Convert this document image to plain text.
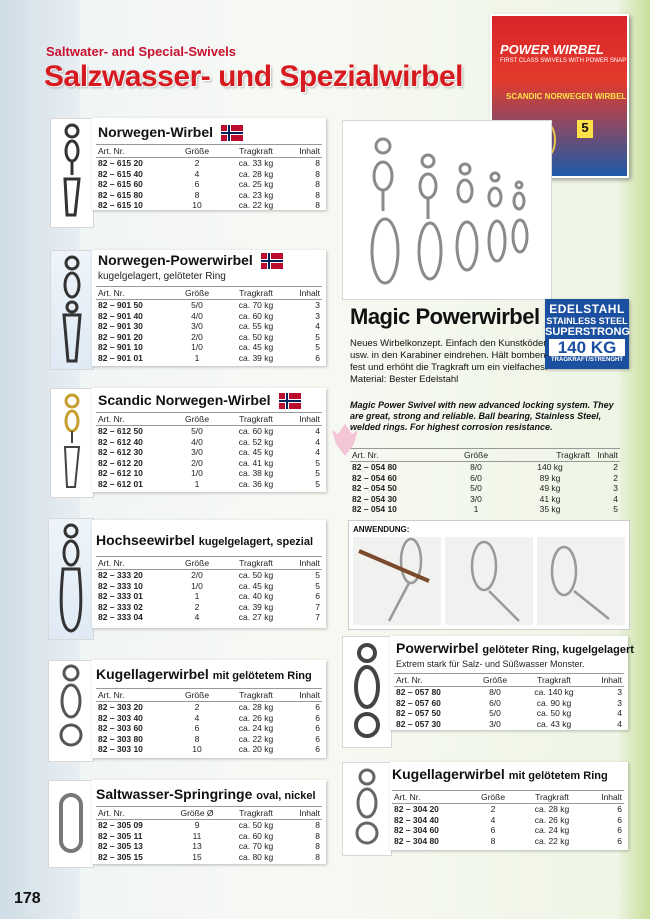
Saltwater- and Special-Swivels
Salzwasser- und Spezialwirbel
POWER WIRBEL
FIRST CLASS SWIVELS WITH POWER SNAP
SCANDIC NORWEGEN WIRBEL
5
EDELSTAHL
STAINLESS STEEL
SUPERSTRONG
140 KG
TRAGKRAFT/STRENGHT
Magic Powerwirbel
Neues Wirbelkonzept. Einfach den Kunstköder usw. in den Karabiner eindrehen. Hält bomben-fest und erhöht die Tragkraft um ein vielfaches. Material: Bester Edelstahl
Magic Power Swivel with new advanced locking system. They are great, strong and reliable. Ball bearing, Stainless Steel, welded rings. For highest corrosion resistance.
Art. Nr.	Größe	Tragkraft	Inhalt
82 – 054 80	8/0	140 kg	2
82 – 054 60	6/0	89 kg	2
82 – 054 50	5/0	49 kg	3
82 – 054 30	3/0	41 kg	4
82 – 054 10	1	35 kg	5
ANWENDUNG:
Norwegen-Wirbel
Art. Nr.	Größe	Tragkraft	Inhalt
82 – 615 20	2	ca. 33 kg	8
82 – 615 40	4	ca. 28 kg	8
82 – 615 60	6	ca. 25 kg	8
82 – 615 80	8	ca. 23 kg	8
82 – 615 10	10	ca. 22 kg	8
Norwegen-Powerwirbel
kugelgelagert, gelöteter Ring
Art. Nr.	Größe	Tragkraft	Inhalt
82 – 901 50	5/0	ca. 70 kg	3
82 – 901 40	4/0	ca. 60 kg	3
82 – 901 30	3/0	ca. 55 kg	4
82 – 901 20	2/0	ca. 50 kg	5
82 – 901 10	1/0	ca. 45 kg	5
82 – 901 01	1	ca. 39 kg	6
Scandic Norwegen-Wirbel
Art. Nr.	Größe	Tragkraft	Inhalt
82 – 612 50	5/0	ca. 60 kg	4
82 – 612 40	4/0	ca. 52 kg	4
82 – 612 30	3/0	ca. 45 kg	4
82 – 612 20	2/0	ca. 41 kg	5
82 – 612 10	1/0	ca. 38 kg	5
82 – 612 01	1	ca. 36 kg	5
Hochseewirbel kugelgelagert, spezial
Art. Nr.	Größe	Tragkraft	Inhalt
82 – 333 20	2/0	ca. 50 kg	5
82 – 333 10	1/0	ca. 45 kg	5
82 – 333 01	1	ca. 40 kg	6
82 – 333 02	2	ca. 39 kg	7
82 – 333 04	4	ca. 27 kg	7
Kugellagerwirbel mit gelötetem Ring
Art. Nr.	Größe	Tragkraft	Inhalt
82 – 303 20	2	ca. 28 kg	6
82 – 303 40	4	ca. 26 kg	6
82 – 303 60	6	ca. 24 kg	6
82 – 303 80	8	ca. 22 kg	6
82 – 303 10	10	ca. 20 kg	6
Saltwasser-Springringe oval, nickel
Art. Nr.	Größe Ø	Tragkraft	Inhalt
82 – 305 09	9	ca. 50 kg	8
82 – 305 11	11	ca. 60 kg	8
82 – 305 13	13	ca. 70 kg	8
82 – 305 15	15	ca. 80 kg	8
Powerwirbel gelöteter Ring, kugelgelagert
Extrem stark für Salz- und Süßwasser Monster.
Art. Nr.	Größe	Tragkraft	Inhalt
82 – 057 80	8/0	ca. 140 kg	3
82 – 057 60	6/0	ca. 90 kg	3
82 – 057 50	5/0	ca. 50 kg	4
82 – 057 30	3/0	ca. 43 kg	4
Kugellagerwirbel mit gelötetem Ring
Art. Nr.	Größe	Tragkraft	Inhalt
82 – 304 20	2	ca. 28 kg	6
82 – 304 40	4	ca. 26 kg	6
82 – 304 60	6	ca. 24 kg	6
82 – 304 80	8	ca. 22 kg	6
178
